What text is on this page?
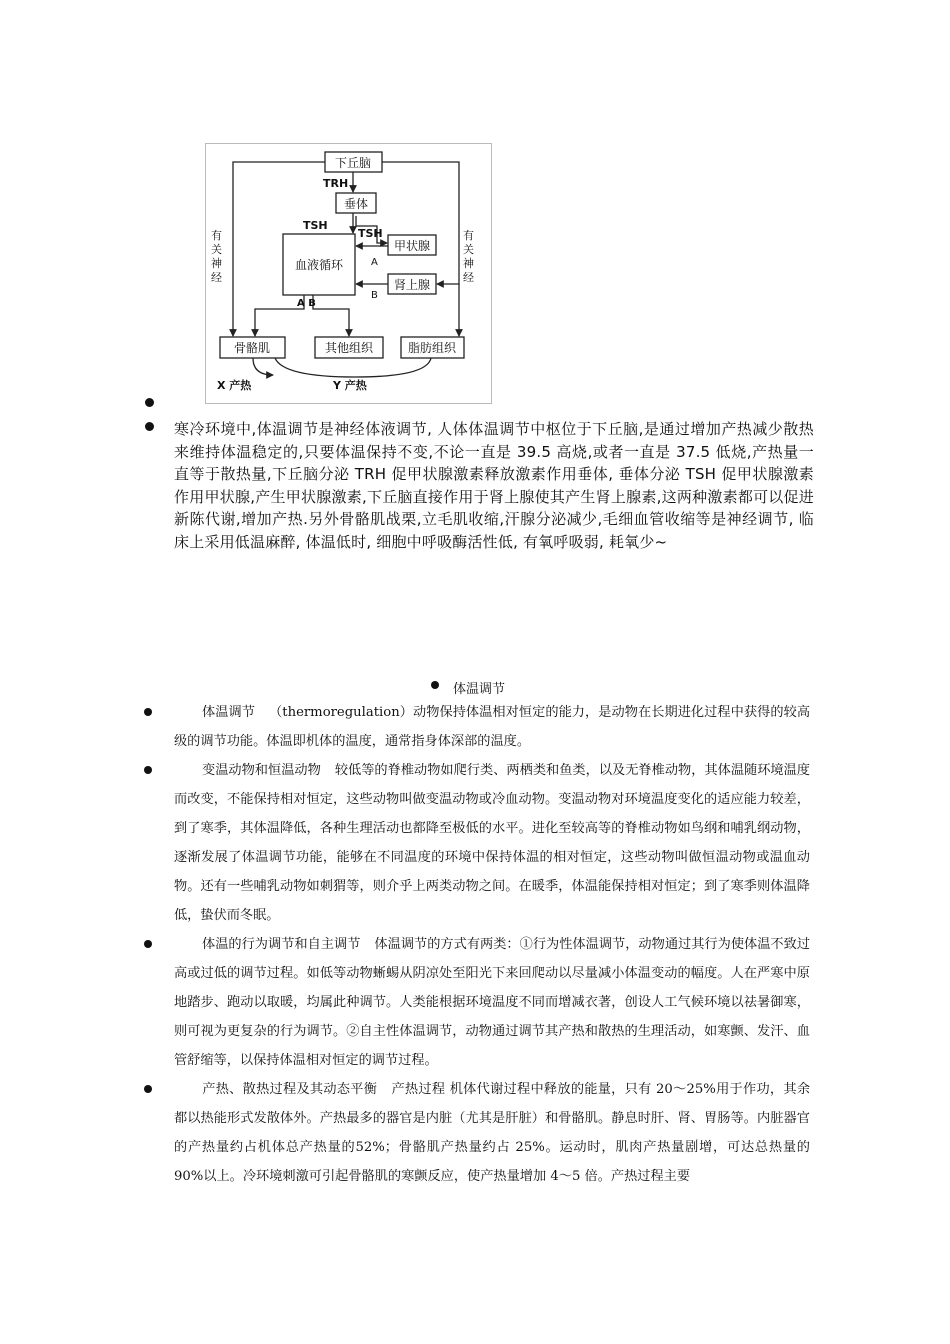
下丘脑
TRH
垂体
TSH
TSH
甲状腺
肾上腺
血液循环	A
B
A B
有
关
神
经
有
关
神
经
骨骼肌	其他组织	脂肪组织
X 产热	Y 产热
寒冷环境中,体温调节是神经体液调节, 人体体温调节中枢位于下丘脑,是通过增加产热减少散热来维持体温稳定的,只要体温保持不变,不论一直是 39.5 高烧,或者一直是 37.5 低烧,产热量一直等于散热量,下丘脑分泌 TRH 促甲状腺激素释放激素作用垂体, 垂体分泌 TSH 促甲状腺激素作用甲状腺,产生甲状腺激素,下丘脑直接作用于肾上腺使其产生肾上腺素,这两种激素都可以促进新陈代谢,增加产热.另外骨骼肌战栗,立毛肌收缩,汗腺分泌减少,毛细血管收缩等是神经调节, 临床上采用低温麻醉, 体温低时, 细胞中呼吸酶活性低, 有氧呼吸弱, 耗氧少~
体温调节
体温调节 （thermoregulation）动物保持体温相对恒定的能力，是动物在长期进化过程中获得的较高级的调节功能。体温即机体的温度，通常指身体深部的温度。
变温动物和恒温动物 较低等的脊椎动物如爬行类、两栖类和鱼类，以及无脊椎动物，其体温随环境温度而改变，不能保持相对恒定，这些动物叫做变温动物或冷血动物。变温动物对环境温度变化的适应能力较差，到了寒季，其体温降低，各种生理活动也都降至极低的水平。进化至较高等的脊椎动物如鸟纲和哺乳纲动物，逐渐发展了体温调节功能，能够在不同温度的环境中保持体温的相对恒定，这些动物叫做恒温动物或温血动物。还有一些哺乳动物如刺猬等，则介乎上两类动物之间。在暖季，体温能保持相对恒定；到了寒季则体温降低，蛰伏而冬眠。
体温的行为调节和自主调节 体温调节的方式有两类：①行为性体温调节，动物通过其行为使体温不致过高或过低的调节过程。如低等动物蜥蜴从阴凉处至阳光下来回爬动以尽量减小体温变动的幅度。人在严寒中原地踏步、跑动以取暖，均属此种调节。人类能根据环境温度不同而增减衣著，创设人工气候环境以祛暑御寒，则可视为更复杂的行为调节。②自主性体温调节，动物通过调节其产热和散热的生理活动，如寒颤、发汗、血管舒缩等，以保持体温相对恒定的调节过程。
产热、散热过程及其动态平衡 产热过程 机体代谢过程中释放的能量，只有 20～25%用于作功，其余都以热能形式发散体外。产热最多的器官是内脏（尤其是肝脏）和骨骼肌。静息时肝、肾、胃肠等。内脏器官的产热量约占机体总产热量的52%；骨骼肌产热量约占 25%。运动时，肌肉产热量剧增，可达总热量的 90%以上。冷环境刺激可引起骨骼肌的寒颤反应，使产热量增加 4～5 倍。产热过程主要
